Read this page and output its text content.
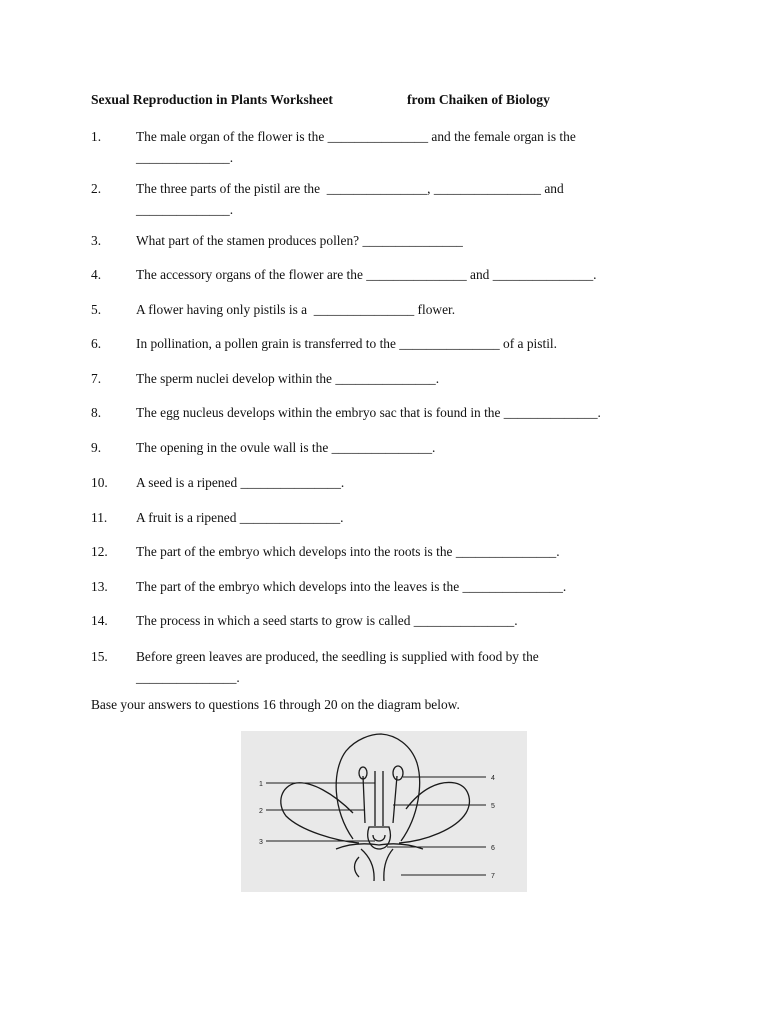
Sexual Reproduction in Plants Worksheet	from Chaiken of Biology
1.	The male organ of the flower is the _______________ and the female organ is the
______________.
2.	The three parts of the pistil are the  _______________, ________________ and
______________.
3.	What part of the stamen produces pollen? _______________
4.	The accessory organs of the flower are the _______________ and _______________.
5.	A flower having only pistils is a  _______________ flower.
6.	In pollination, a pollen grain is transferred to the _______________ of a pistil.
7.	The sperm nuclei develop within the _______________.
8.	The egg nucleus develops within the embryo sac that is found in the ______________.
9.	The opening in the ovule wall is the _______________.
10. A seed is a ripened _______________.
11. A fruit is a ripened _______________.
12. The part of the embryo which develops into the roots is the _______________.
13. The part of the embryo which develops into the leaves is the _______________.
14. The process in which a seed starts to grow is called _______________.
15. Before green leaves are produced, the seedling is supplied with food by the
_______________.
Base your answers to questions 16 through 20 on the diagram below.
1
2
3
4
5
6
7
